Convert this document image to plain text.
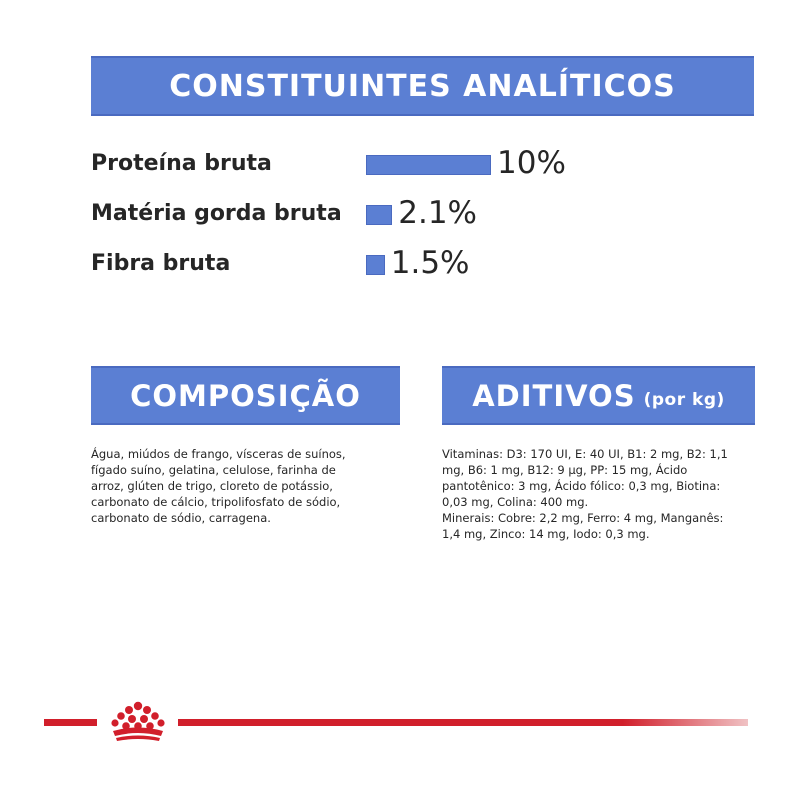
CONSTITUINTES ANALÍTICOS
Proteína bruta	10%
Matéria gorda bruta 2.1%
Fibra bruta	1.5%
COMPOSIÇÃO
Água, miúdos de frango, vísceras de suínos,
fígado suíno, gelatina, celulose, farinha de
arroz, glúten de trigo, cloreto de potássio,
carbonato de cálcio, tripolifosfato de sódio,
carbonato de sódio, carragena.
ADITIVOS (por kg)
Vitaminas: D3: 170 UI, E: 40 UI, B1: 2 mg, B2: 1,1
mg, B6: 1 mg, B12: 9 µg, PP: 15 mg, Ácido
pantotênico: 3 mg, Ácido fólico: 0,3 mg, Biotina:
0,03 mg, Colina: 400 mg.
Minerais: Cobre: 2,2 mg, Ferro: 4 mg, Manganês:
1,4 mg, Zinco: 14 mg, Iodo: 0,3 mg.
